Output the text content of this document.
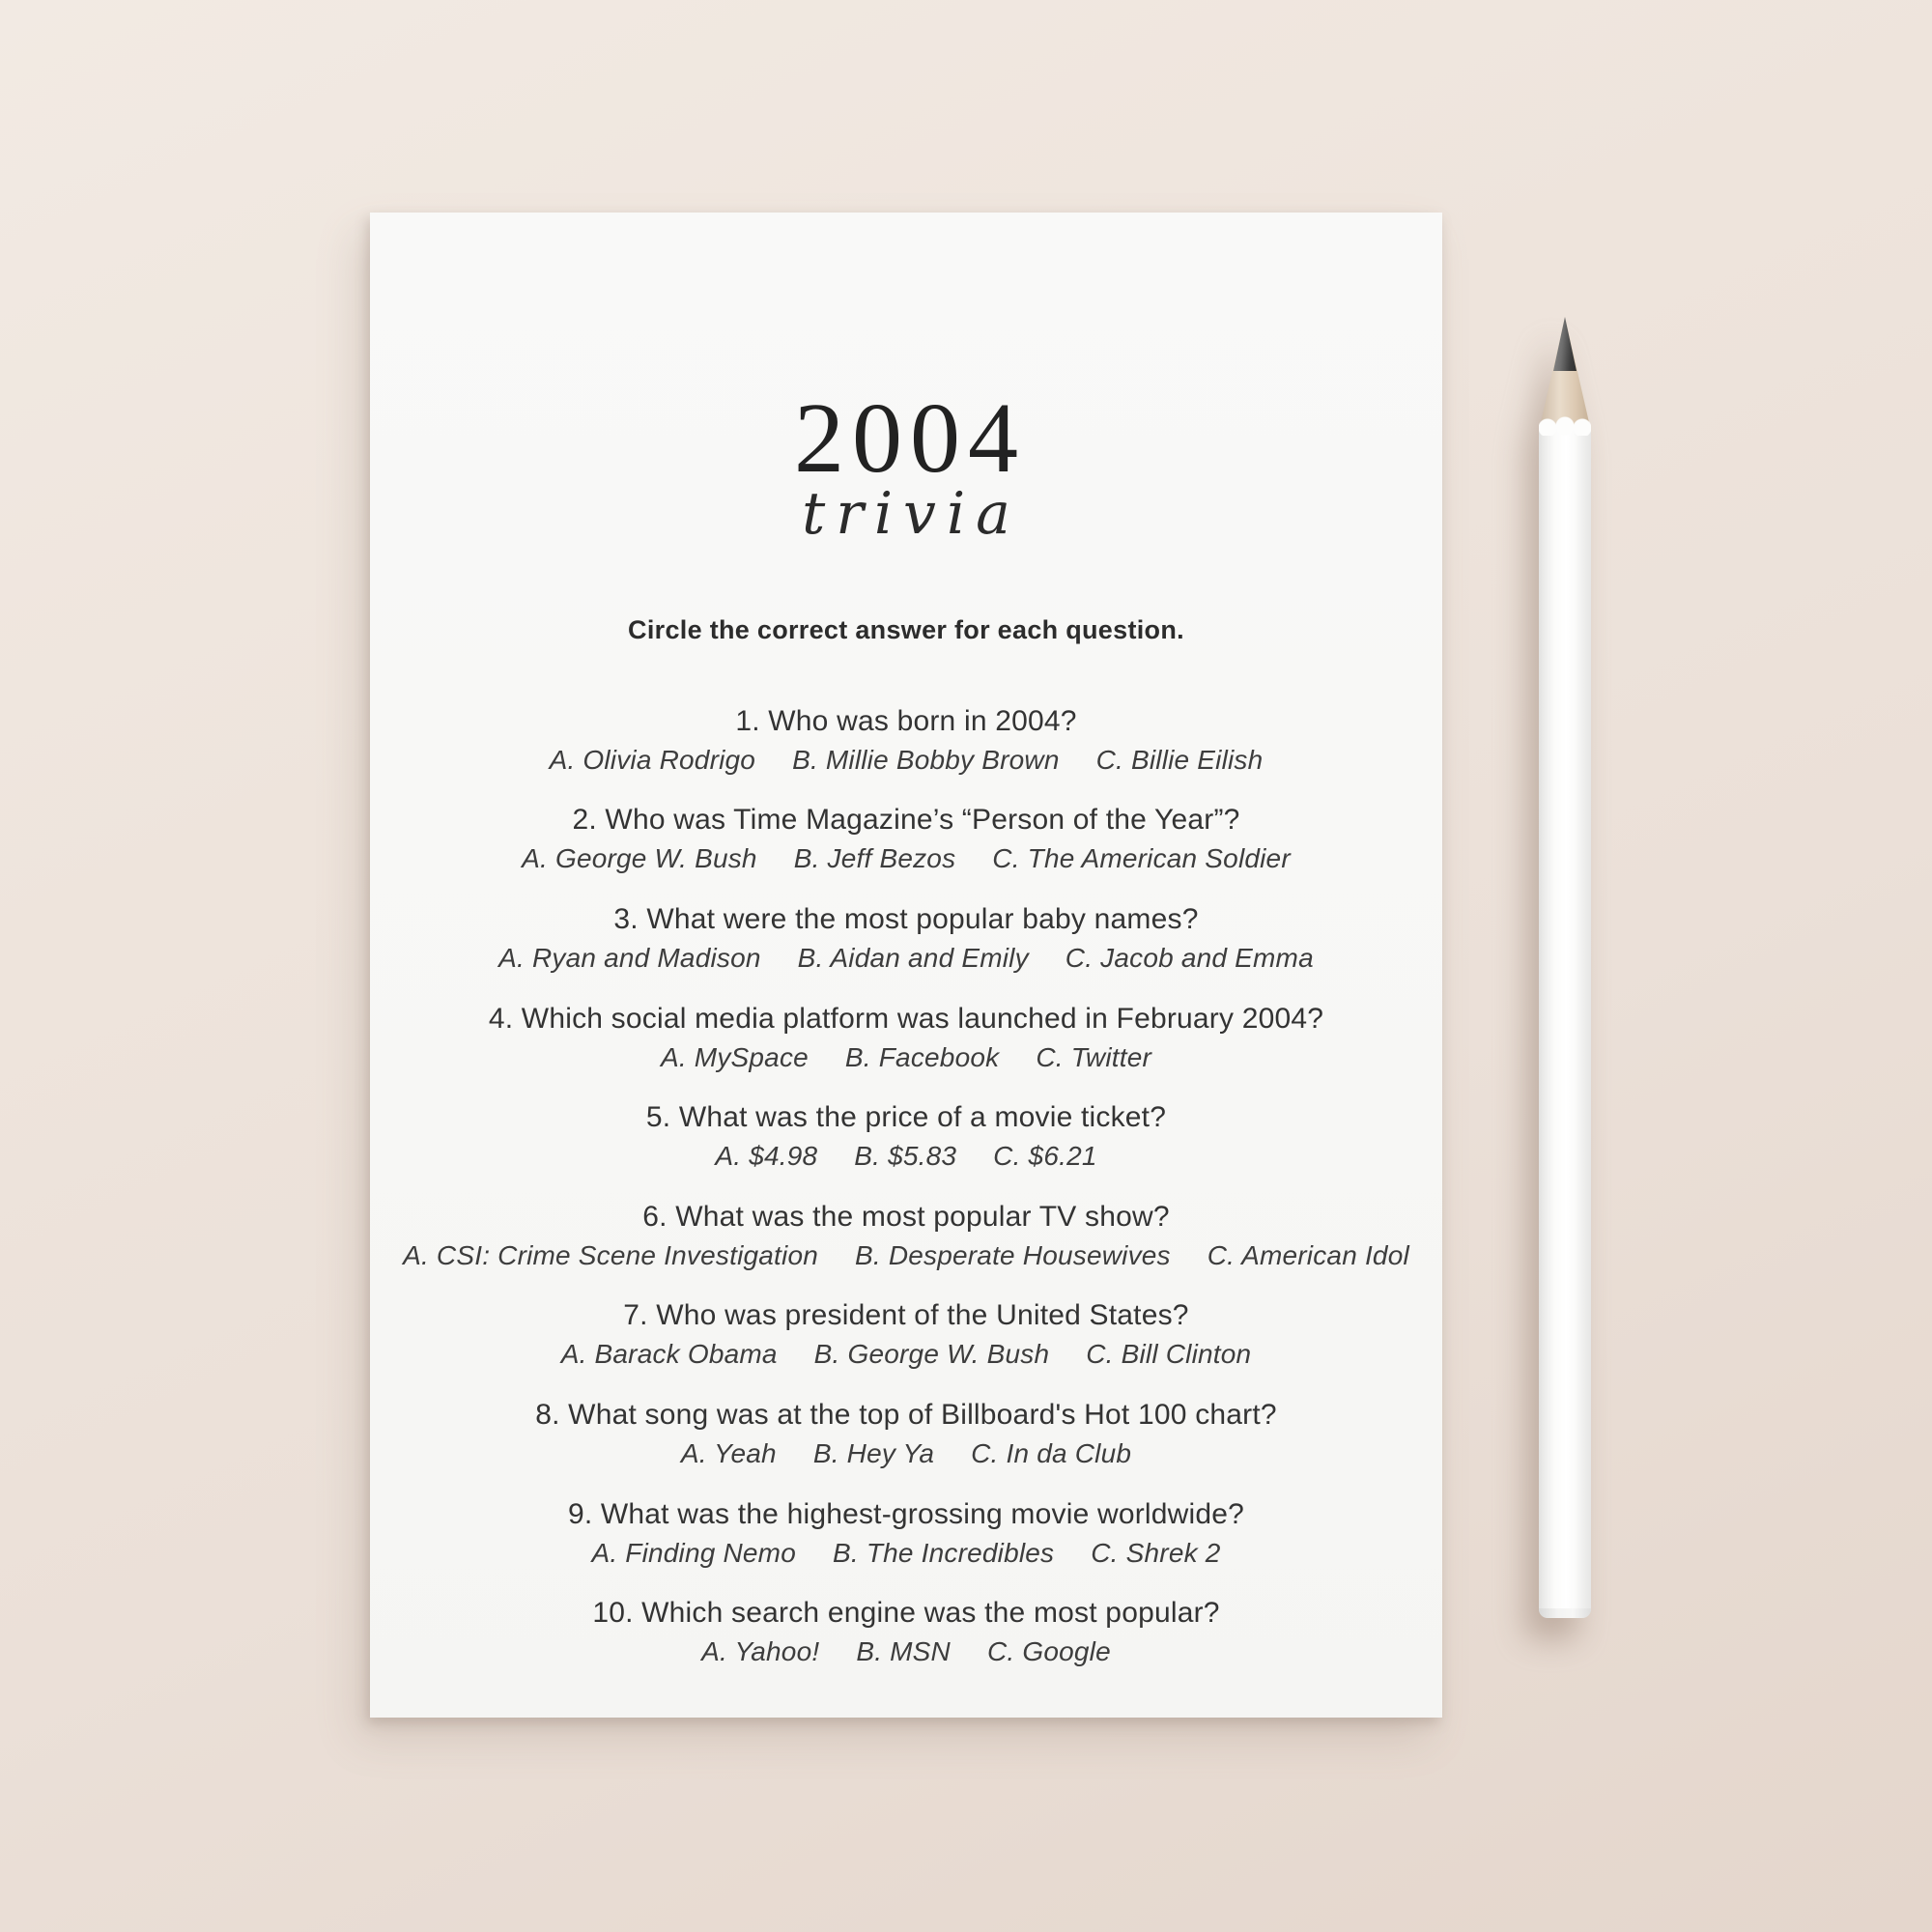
2004
trivia
Circle the correct answer for each question.
1. Who was born in 2004?
A. Olivia Rodrigo B. Millie Bobby Brown C. Billie Eilish
2. Who was Time Magazine’s “Person of the Year”?
A. George W. Bush B. Jeff Bezos C. The American Soldier
3. What were the most popular baby names?
A. Ryan and Madison B. Aidan and Emily C. Jacob and Emma
4. Which social media platform was launched in February 2004?
A. MySpace B. Facebook C. Twitter
5. What was the price of a movie ticket?
A. $4.98 B. $5.83 C. $6.21
6. What was the most popular TV show?
A. CSI: Crime Scene Investigation B. Desperate Housewives C. American Idol
7. Who was president of the United States?
A. Barack Obama B. George W. Bush C. Bill Clinton
8. What song was at the top of Billboard's Hot 100 chart?
A. Yeah B. Hey Ya C. In da Club
9. What was the highest-grossing movie worldwide?
A. Finding Nemo B. The Incredibles C. Shrek 2
10. Which search engine was the most popular?
A. Yahoo! B. MSN C. Google
